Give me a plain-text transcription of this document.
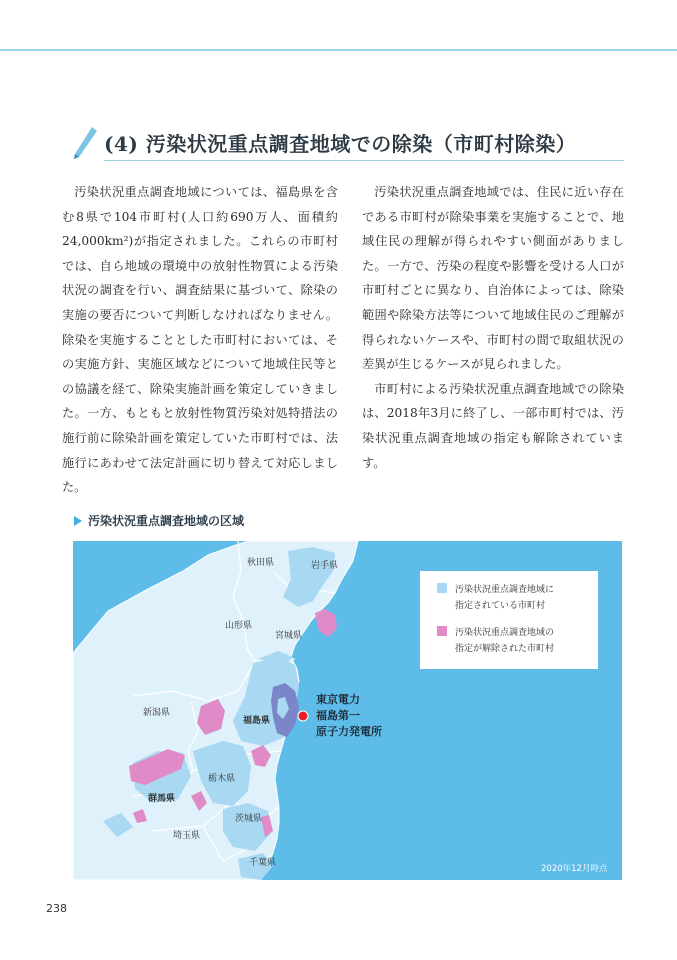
(4) 汚染状況重点調査地域での除染（市町村除染）

汚染状況重点調査地域については、福島県を含む8県で104市町村(人口約690万人、面積約24,000km²)が指定されました。これらの市町村では、自ら地域の環境中の放射性物質による汚染状況の調査を行い、調査結果に基づいて、除染の実施の要否について判断しなければなりません。除染を実施することとした市町村においては、その実施方針、実施区域などについて地域住民等との協議を経て、除染実施計画を策定していきました。一方、もともと放射性物質汚染対処特措法の施行前に除染計画を策定していた市町村では、法施行にあわせて法定計画に切り替えて対応しました。

汚染状況重点調査地域では、住民に近い存在である市町村が除染事業を実施することで、地域住民の理解が得られやすい側面がありました。一方で、汚染の程度や影響を受ける人口が市町村ごとに異なり、自治体によっては、除染範囲や除染方法等について地域住民のご理解が得られないケースや、市町村の間で取組状況の差異が生じるケースが見られました。

市町村による汚染状況重点調査地域での除染は、2018年3月に終了し、一部市町村では、汚染状況重点調査地域の指定も解除されています。

汚染状況重点調査地域の区域
秋田県	岩手県
山形県
宮城県
新潟県
福島県
栃木県
群馬県
茨城県
埼玉県
千葉県
東京電力
福島第一
原子力発電所
汚染状況重点調査地域に
指定されている市町村
汚染状況重点調査地域の
指定が解除された市町村
2020年12月時点
238
